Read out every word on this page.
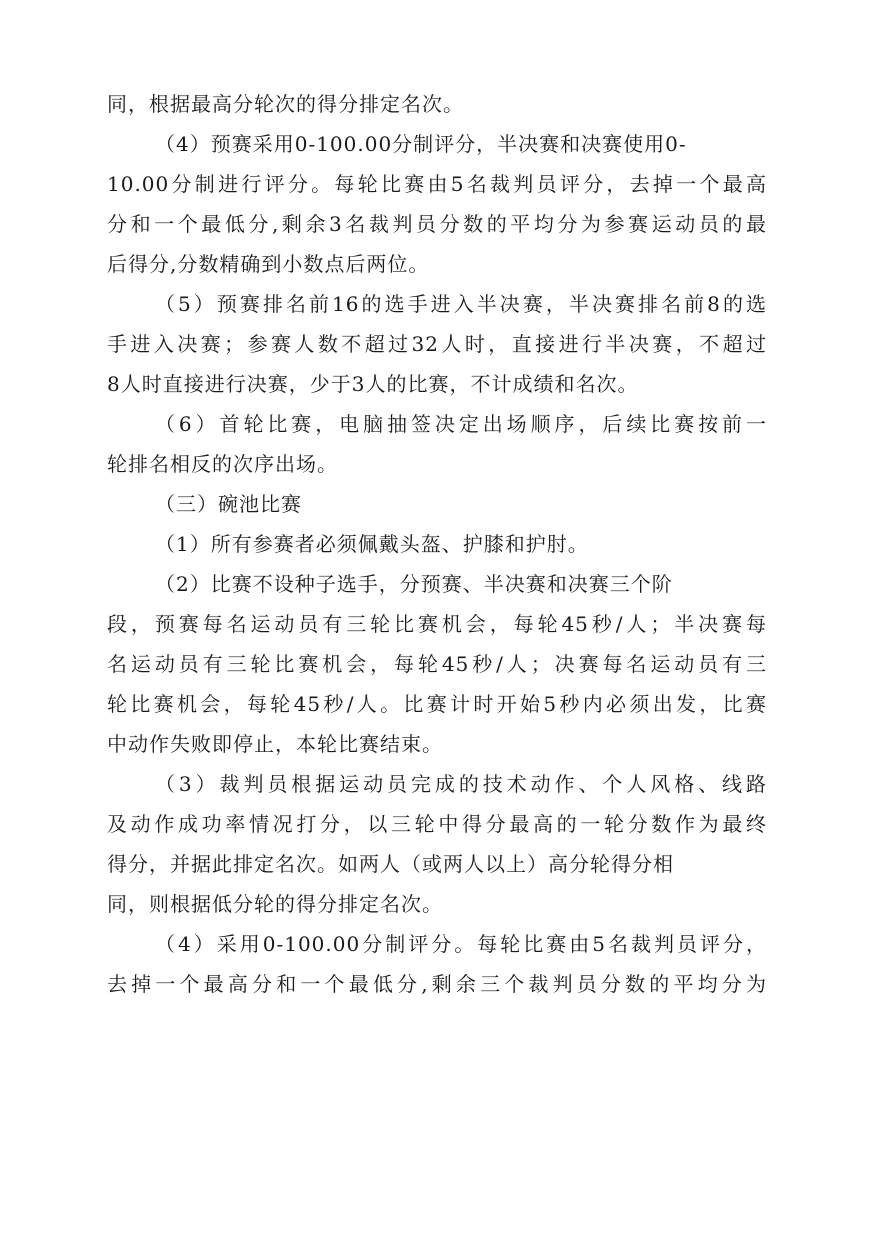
同，根据最高分轮次的得分排定名次。
（4）预赛采用0-100.00分制评分，半决赛和决赛使用0-
10.00分制进行评分。每轮比赛由5名裁判员评分，去掉一个最高
分和一个最低分,剩余3名裁判员分数的平均分为参赛运动员的最
后得分,分数精确到小数点后两位。
（5）预赛排名前16的选手进入半决赛，半决赛排名前8的选
手进入决赛；参赛人数不超过32人时，直接进行半决赛，不超过
8人时直接进行决赛，少于3人的比赛，不计成绩和名次。
（6）首轮比赛，电脑抽签决定出场顺序，后续比赛按前一
轮排名相反的次序出场。
（三）碗池比赛
（1）所有参赛者必须佩戴头盔、护膝和护肘。
（2）比赛不设种子选手，分预赛、半决赛和决赛三个阶
段，预赛每名运动员有三轮比赛机会，每轮45秒/人；半决赛每
名运动员有三轮比赛机会，每轮45秒/人；决赛每名运动员有三
轮比赛机会，每轮45秒/人。比赛计时开始5秒内必须出发，比赛
中动作失败即停止，本轮比赛结束。
（3）裁判员根据运动员完成的技术动作、个人风格、线路
及动作成功率情况打分，以三轮中得分最高的一轮分数作为最终
得分，并据此排定名次。如两人（或两人以上）高分轮得分相
同，则根据低分轮的得分排定名次。
（4）采用0-100.00分制评分。每轮比赛由5名裁判员评分，
去掉一个最高分和一个最低分,剩余三个裁判员分数的平均分为
